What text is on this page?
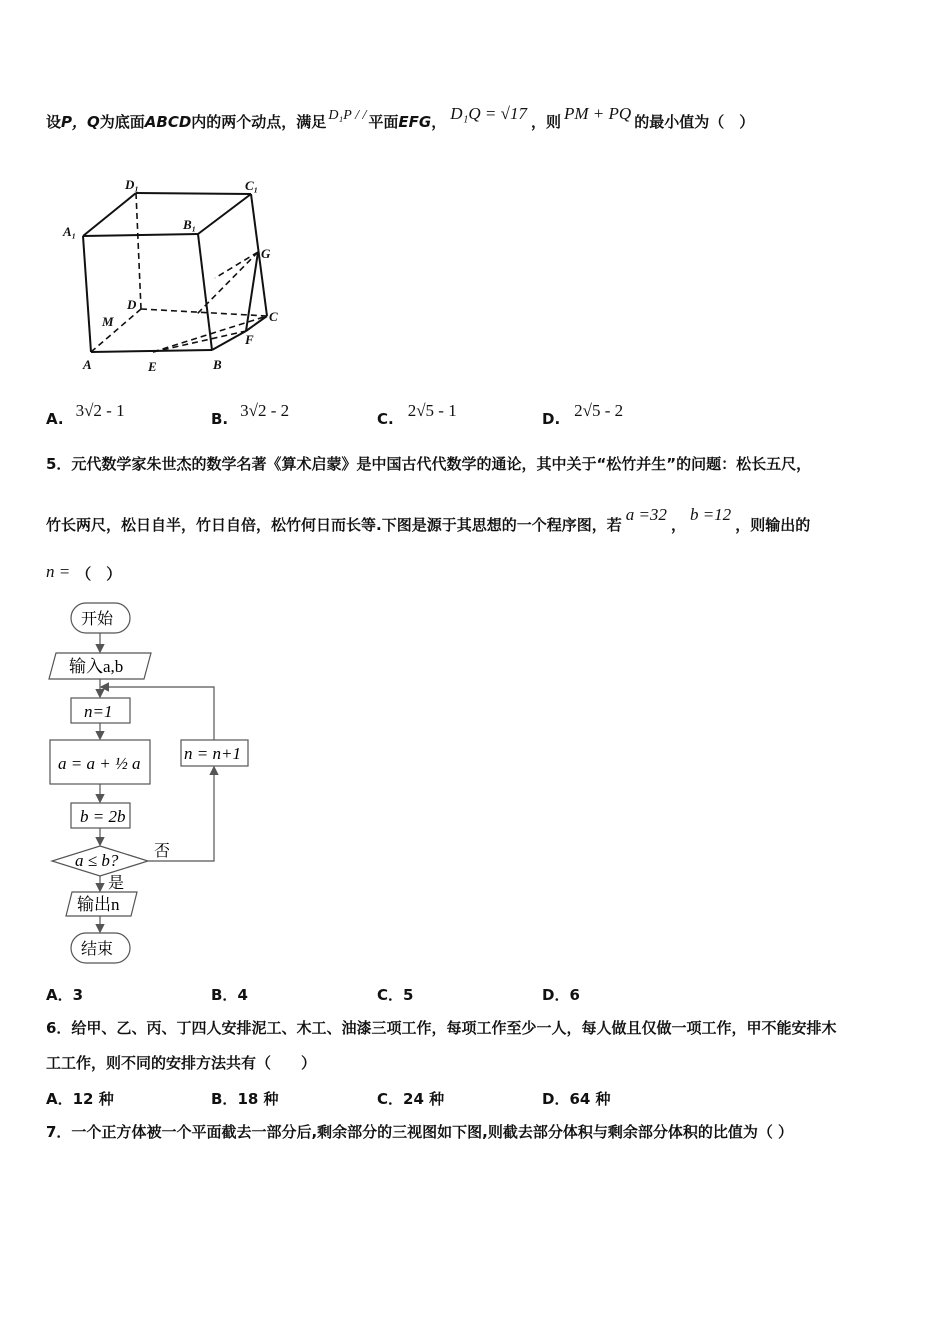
设P，Q为底面ABCD内的两个动点，满足 D₁P / / 平面EFG， D₁Q = √17 ，则 PM + PQ 的最小值为（　）
D₁	C₁
A₁	B₁
G
D
C
M
F
A	E	B
A. 3√2 - 1	B. 3√2 - 2	C. 2√5 - 1	D. 2√5 - 2
5．元代数学家朱世杰的数学名著《算术启蒙》是中国古代代数学的通论，其中关于“松竹并生”的问题：松长五尺，
竹长两尺，松日自半，竹日自倍，松竹何日而长等.下图是源于其思想的一个程序图，若a =32，b =12，则输出的
n = （　）
开始
输入a,b
n=1
a = a + ½ a
b = 2b
a ≤ b?
否
是
输出n
结束
n = n+1
A．3	B．4	C．5	D．6
6．给甲、乙、丙、丁四人安排泥工、木工、油漆三项工作，每项工作至少一人，每人做且仅做一项工作，甲不能安排木
工工作，则不同的安排方法共有（　　）
A．12 种	B．18 种	C．24 种	D．64 种
7．一个正方体被一个平面截去一部分后,剩余部分的三视图如下图,则截去部分体积与剩余部分体积的比值为（ ）
